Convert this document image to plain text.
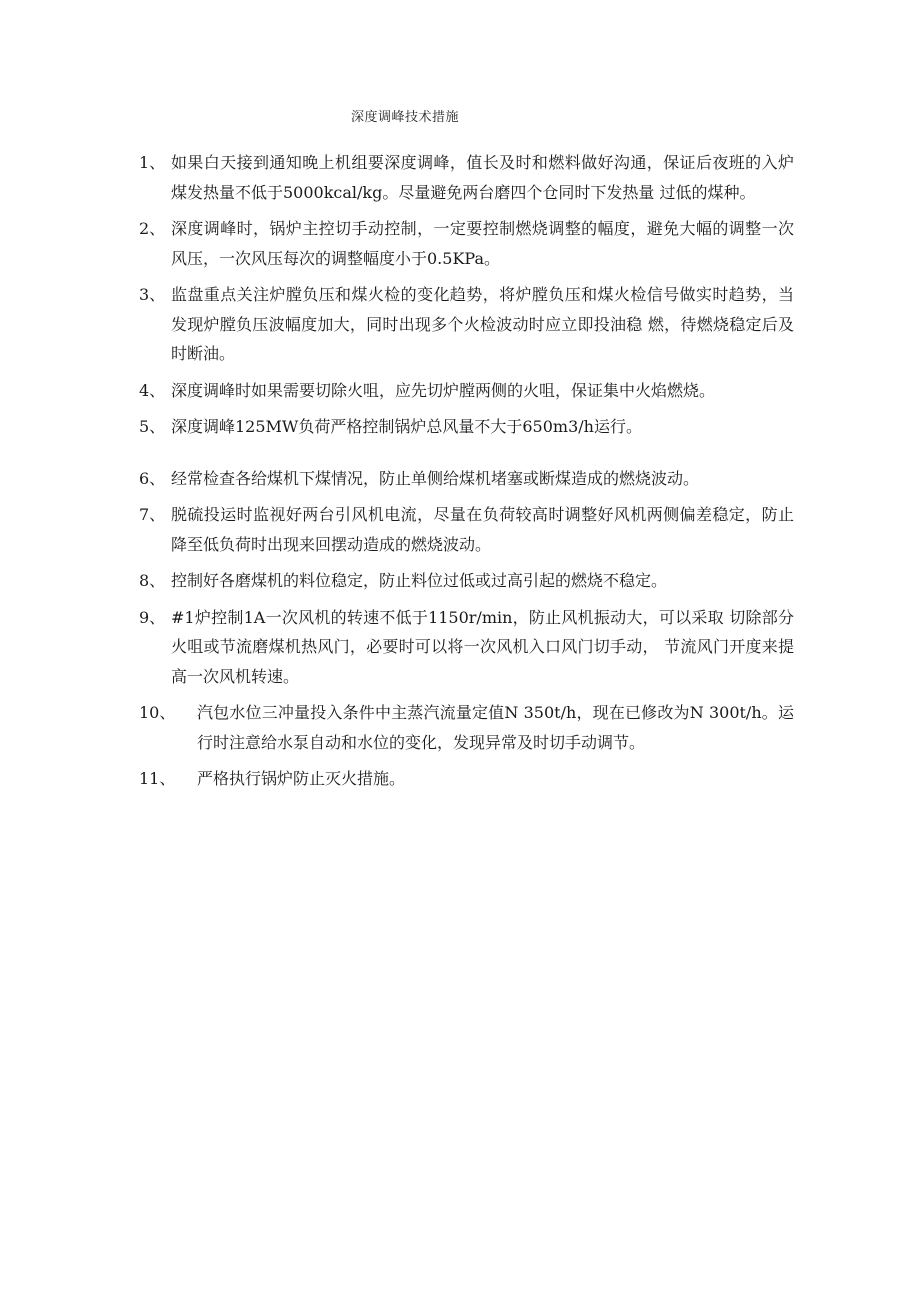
深度调峰技术措施
1、 如果白天接到通知晚上机组要深度调峰，值长及时和燃料做好沟通，保证后夜班的入炉煤发热量不低于5000kcal/kg。尽量避免两台磨四个仓同时下发热量 过低的煤种。
2、 深度调峰时，锅炉主控切手动控制，一定要控制燃烧调整的幅度，避免大幅的调整一次风压，一次风压每次的调整幅度小于0.5KPa。
3、 监盘重点关注炉膛负压和煤火检的变化趋势，将炉膛负压和煤火检信号做实时趋势，当发现炉膛负压波幅度加大，同时出现多个火检波动时应立即投油稳 燃，待燃烧稳定后及时断油。
4、 深度调峰时如果需要切除火咀，应先切炉膛两侧的火咀，保证集中火焰燃烧。
5、 深度调峰125MW负荷严格控制锅炉总风量不大于650m3/h运行。
6、 经常检查各给煤机下煤情况，防止单侧给煤机堵塞或断煤造成的燃烧波动。
7、 脱硫投运时监视好两台引风机电流，尽量在负荷较高时调整好风机两侧偏差稳定，防止降至低负荷时出现来回摆动造成的燃烧波动。
8、 控制好各磨煤机的料位稳定，防止料位过低或过高引起的燃烧不稳定。
9、 #1炉控制1A一次风机的转速不低于1150r/min，防止风机振动大，可以采取 切除部分火咀或节流磨煤机热风门，必要时可以将一次风机入口风门切手动， 节流风门开度来提高一次风机转速。
10、	汽包水位三冲量投入条件中主蒸汽流量定值N 350t/h，现在已修改为N 300t/h。运行时注意给水泵自动和水位的变化，发现异常及时切手动调节。
11、	严格执行锅炉防止灭火措施。
